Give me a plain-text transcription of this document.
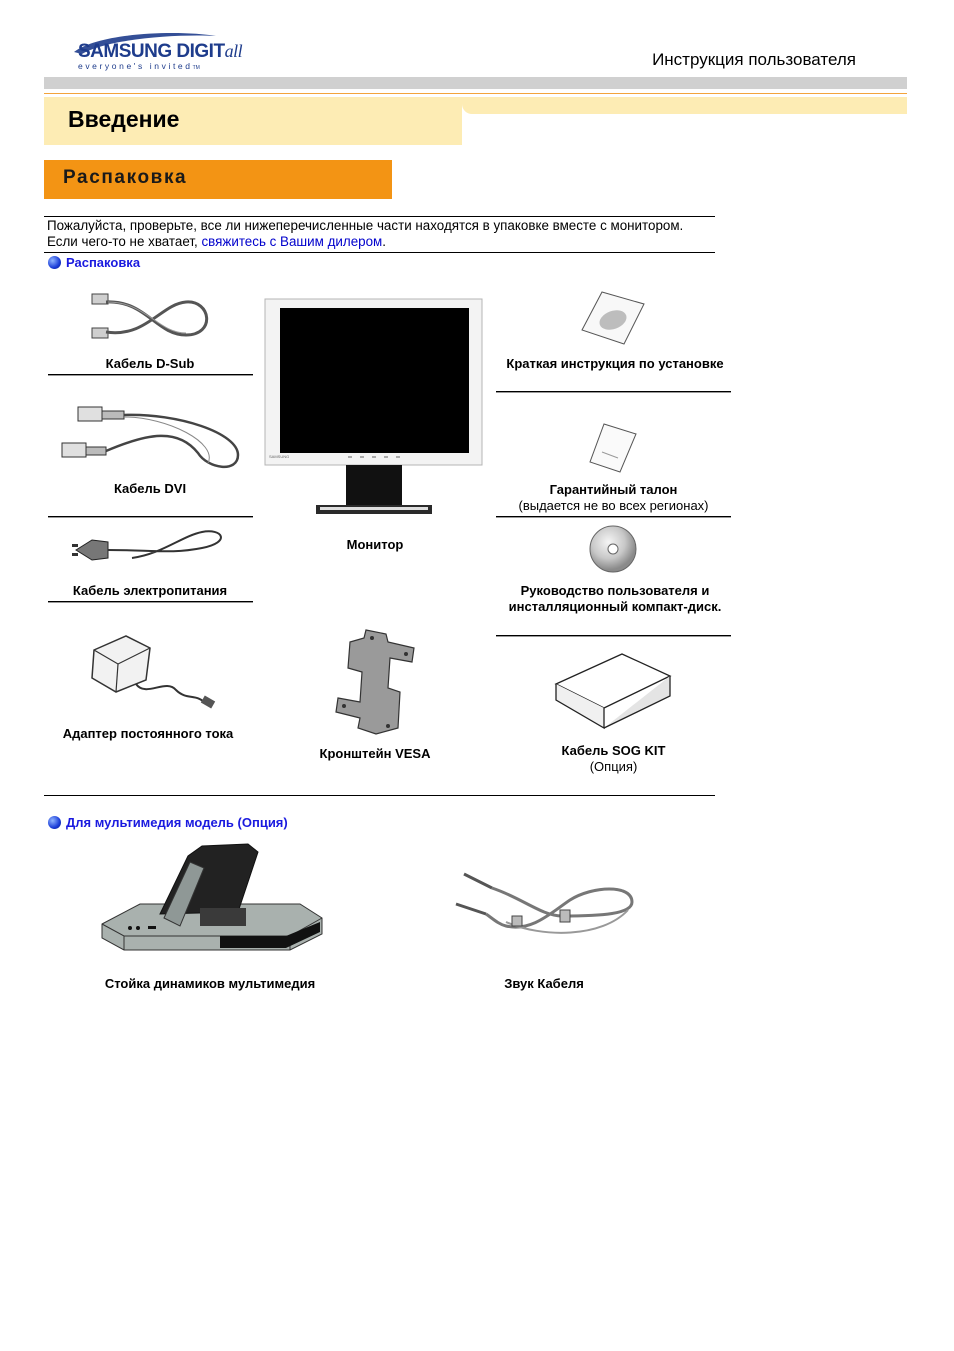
SAMSUNG DIGITall
everyone's invitedTM	Инструкция пользователя
Введение
Распаковка
Пожалуйста, проверьте, все ли нижеперечисленные части находятся в упаковке вместе с монитором. Если чего-то не хватает, свяжитесь с Вашим дилером.
Распаковка
Кабель D-Sub
Кабель DVI
Кабель электропитания
Адаптер постоянного тока
SAMSUNG
Монитор
Кронштейн VESA
Краткая инструкция по установке
Гарантийный талон
(выдается не во всех регионах)
Руководство пользователя и инсталляционный компакт-диск.
Кабель SOG KIT
(Опция)
Для мультимедия модель (Опция)
Стойка динамиков мультимедия	Звук Кабеля
